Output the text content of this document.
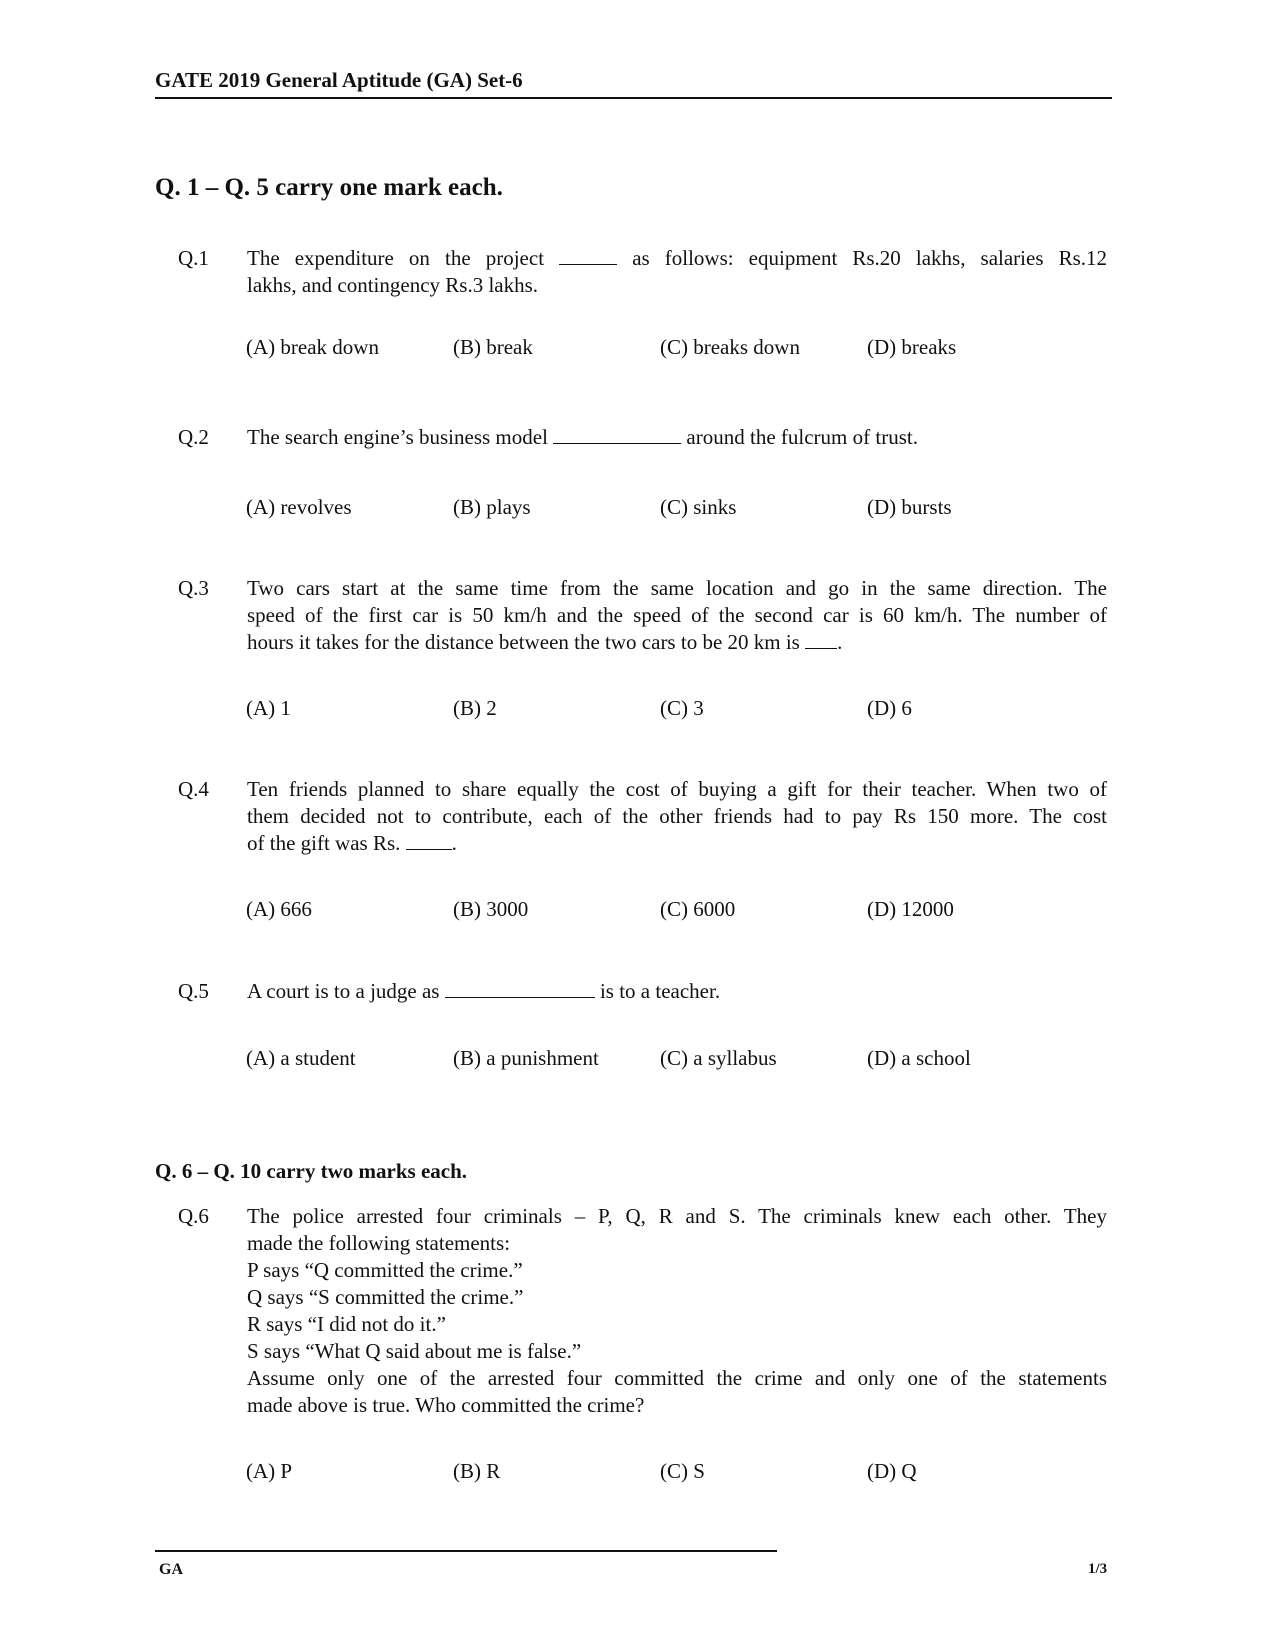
GATE 2019 General Aptitude (GA) Set-6
Q. 1 – Q. 5 carry one mark each.
Q.1	The expenditure on the project	as follows: equipment Rs.20 lakhs, salaries Rs.12
lakhs, and contingency Rs.3 lakhs.
(A) break down	(B) break	(C) breaks down	(D) breaks
Q.2	The search engine’s business model	around the fulcrum of trust.
(A) revolves	(B) plays	(C) sinks	(D) bursts
Q.3	Two cars start at the same time from the same location and go in the same direction. The
speed of the first car is 50 km/h and the speed of the second car is 60 km/h. The number of
hours it takes for the distance between the two cars to be 20 km is .
(A) 1	(B) 2	(C) 3	(D) 6
Q.4	Ten friends planned to share equally the cost of buying a gift for their teacher. When two of
them decided not to contribute, each of the other friends had to pay Rs 150 more. The cost
of the gift was Rs. .
(A) 666	(B) 3000	(C) 6000	(D) 12000
Q.5	A court is to a judge as	is to a teacher.
(A) a student	(B) a punishment	(C) a syllabus	(D) a school
Q. 6 – Q. 10 carry two marks each.
Q.6	The police arrested four criminals – P, Q, R and S. The criminals knew each other. They
made the following statements:
P says “Q committed the crime.”
Q says “S committed the crime.”
R says “I did not do it.”
S says “What Q said about me is false.”
Assume only one of the arrested four committed the crime and only one of the statements
made above is true. Who committed the crime?
(A) P	(B) R	(C) S	(D) Q
GA	1/3
